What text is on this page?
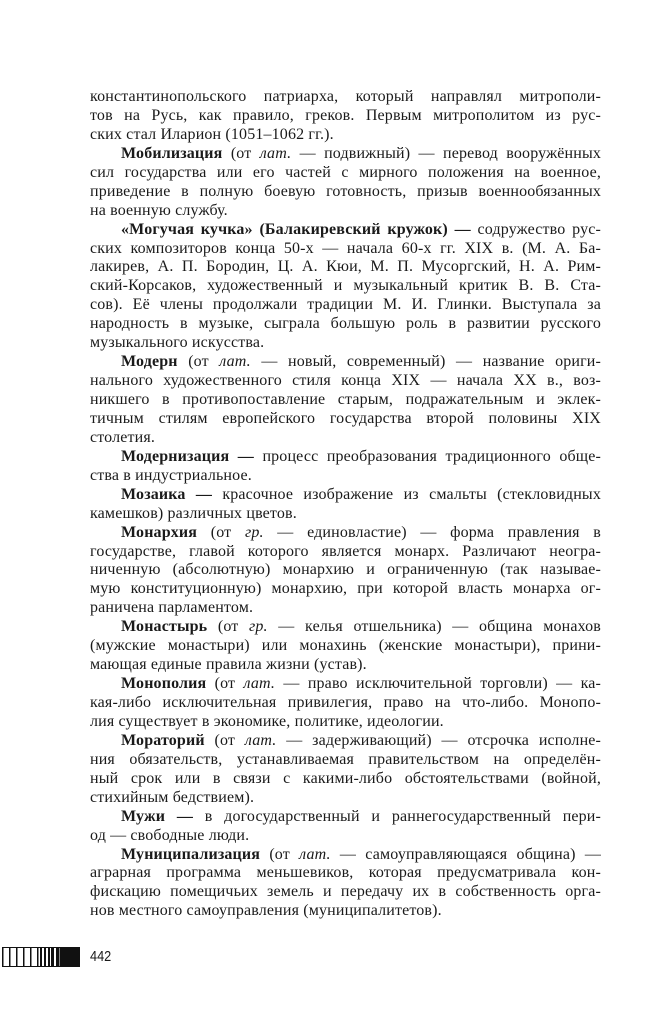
константинопольского патриарха, который направлял митрополи-
тов на Русь, как правило, греков. Первым митрополитом из рус-
ских стал Иларион (1051–1062 гг.).
Мобилизация (от лат. — подвижный) — перевод вооружённых
сил государства или его частей с мирного положения на военное,
приведение в полную боевую готовность, призыв военнообязанных
на военную службу.
«Могучая кучка» (Балакиревский кружок) — содружество рус-
ских композиторов конца 50-х — начала 60-х гг. XIX в. (М. А. Ба-
лакирев, А. П. Бородин, Ц. А. Кюи, М. П. Мусоргский, Н. А. Рим-
ский-Корсаков, художественный и музыкальный критик В. В. Ста-
сов). Её члены продолжали традиции М. И. Глинки. Выступала за
народность в музыке, сыграла большую роль в развитии русского
музыкального искусства.
Модерн (от лат. — новый, современный) — название ориги-
нального художественного стиля конца XIX — начала XX в., воз-
никшего в противопоставление старым, подражательным и эклек-
тичным стилям европейского государства второй половины XIX
столетия.
Модернизация — процесс преобразования традиционного обще-
ства в индустриальное.
Мозаика — красочное изображение из смальты (стекловидных
камешков) различных цветов.
Монархия (от гр. — единовластие) — форма правления в
государстве, главой которого является монарх. Различают неогра-
ниченную (абсолютную) монархию и ограниченную (так называе-
мую конституционную) монархию, при которой власть монарха ог-
раничена парламентом.
Монастырь (от гр. — келья отшельника) — община монахов
(мужские монастыри) или монахинь (женские монастыри), прини-
мающая единые правила жизни (устав).
Монополия (от лат. — право исключительной торговли) — ка-
кая-либо исключительная привилегия, право на что-либо. Монопо-
лия существует в экономике, политике, идеологии.
Мораторий (от лат. — задерживающий) — отсрочка исполне-
ния обязательств, устанавливаемая правительством на определён-
ный срок или в связи с какими-либо обстоятельствами (войной,
стихийным бедствием).
Мужи — в догосударственный и раннегосударственный пери-
од — свободные люди.
Муниципализация (от лат. — самоуправляющаяся община) —
аграрная программа меньшевиков, которая предусматривала кон-
фискацию помещичьих земель и передачу их в собственность орга-
нов местного самоуправления (муниципалитетов).
442
